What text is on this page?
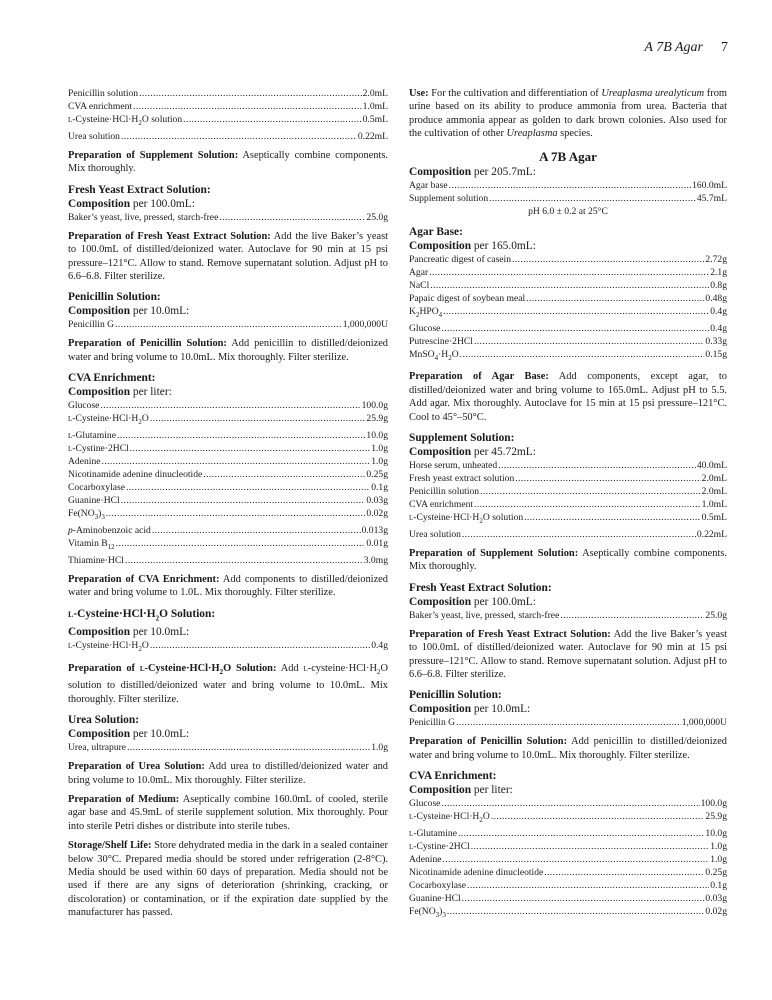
A 7B Agar 7
Penicillin solution .....	2.0mL
CVA enrichment .....	1.0mL
$l-Cysteine\cdot HCl\cdot H_2O$ solution .....	0.5mL
Urea solution .....	0.22mL
Preparation of Supplement Solution: Aseptically combine components. Mix thoroughly.
Fresh Yeast Extract Solution:
Composition per 100.0mL:
Baker’s yeast, live, pressed, starch-free .....	25.0g
Preparation of Fresh Yeast Extract Solution: Add the live Baker’s yeast to 100.0mL of distilled/deionized water. Autoclave for 90 min at 15 psi pressure–121°C. Allow to stand. Remove supernatant solution. Adjust pH to 6.6–6.8. Filter sterilize.
Penicillin Solution:
Composition per 10.0mL:
Penicillin G .....	1,000,000U
Preparation of Penicillin Solution: Add penicillin to distilled/deionized water and bring volume to 10.0mL. Mix thoroughly. Filter sterilize.
CVA Enrichment:
Composition per liter:
Glucose .....	100.0g
$l-Cysteine\cdot HCl\cdot H_2O$ .....	25.9g
l-Glutamine .....	10.0g
l-Cystine·2HCl .....	1.0g
Adenine .....	1.0g
Nicotinamide adenine dinucleotide .....	0.25g
Cocarboxylase .....	0.1g
Guanine·HCl .....	0.03g
$Fe(NO_3)_3$ .....	0.02g
p-Aminobenzoic acid .....	0.013g
Vitamin $B_{12}$ .....	0.01g
Thiamine·HCl .....	3.0mg
Preparation of CVA Enrichment: Add components to distilled/deionized water and bring volume to 1.0L. Mix thoroughly. Filter sterilize.
$l-Cysteine\cdot HCl\cdot H_2O$ Solution:
Composition per 10.0mL:
$l-Cysteine\cdot HCl\cdot H_2O$ .....	0.4g
Preparation of $l-Cysteine\cdot HCl\cdot H_2O$ Solution: Add $l-cysteine\cdot HCl\cdot H_2O$ solution to distilled/deionized water and bring volume to 10.0mL. Mix thoroughly. Filter sterilize.
Urea Solution:
Composition per 10.0mL:
Urea, ultrapure .....	1.0g
Preparation of Urea Solution: Add urea to distilled/deionized water and bring volume to 10.0mL. Mix thoroughly. Filter sterilize.
Preparation of Medium: Aseptically combine 160.0mL of cooled, sterile agar base and 45.9mL of sterile supplement solution. Mix thoroughly. Pour into sterile Petri dishes or distribute into sterile tubes.
Storage/Shelf Life: Store dehydrated media in the dark in a sealed container below 30°C. Prepared media should be stored under refrigeration (2-8°C). Media should be used within 60 days of preparation. Media should not be used if there are any signs of deterioration (shrinking, cracking, or discoloration) or contamination, or if the expiration date supplied by the manufacturer has passed.
Use: For the cultivation and differentiation of Ureaplasma urealyticum from urine based on its ability to produce ammonia from urea. Bacteria that produce ammonia appear as golden to dark brown colonies. Also used for the cultivation of other Ureaplasma species.
A 7B Agar
Composition per 205.7mL:
Agar base .....	160.0mL
Supplement solution .....	45.7mL
pH 6.0 ± 0.2 at 25°C
Agar Base:
Composition per 165.0mL:
Pancreatic digest of casein .....	2.72g
Agar .....	2.1g
NaCl .....	0.8g
Papaic digest of soybean meal .....	0.48g
$K_2HPO_4$ .....	0.4g
Glucose .....	0.4g
Putrescine·2HCl .....	0.33g
$MnSO_4\cdot H_2O$ .....	0.15g
Preparation of Agar Base: Add components, except agar, to distilled/deionized water and bring volume to 165.0mL. Adjust pH to 5.5. Add agar. Mix thoroughly. Autoclave for 15 min at 15 psi pressure–121°C. Cool to 45°–50°C.
Supplement Solution:
Composition per 45.72mL:
Horse serum, unheated .....	40.0mL
Fresh yeast extract solution .....	2.0mL
Penicillin solution .....	2.0mL
CVA enrichment .....	1.0mL
$l-Cysteine\cdot HCl\cdot H_2O$ solution .....	0.5mL
Urea solution .....	0.22mL
Preparation of Supplement Solution: Aseptically combine components. Mix thoroughly.
Fresh Yeast Extract Solution:
Composition per 100.0mL:
Baker’s yeast, live, pressed, starch-free .....	25.0g
Preparation of Fresh Yeast Extract Solution: Add the live Baker’s yeast to 100.0mL of distilled/deionized water. Autoclave for 90 min at 15 psi pressure–121°C. Allow to stand. Remove supernatant solution. Adjust pH to 6.6–6.8. Filter sterilize.
Penicillin Solution:
Composition per 10.0mL:
Penicillin G .....	1,000,000U
Preparation of Penicillin Solution: Add penicillin to distilled/deionized water and bring volume to 10.0mL. Mix thoroughly. Filter sterilize.
CVA Enrichment:
Composition per liter:
Glucose .....	100.0g
$l-Cysteine\cdot HCl\cdot H_2O$ .....	25.9g
l-Glutamine .....	10.0g
l-Cystine·2HCl .....	1.0g
Adenine .....	1.0g
Nicotinamide adenine dinucleotide .....	0.25g
Cocarboxylase .....	0.1g
Guanine·HCl .....	0.03g
$Fe(NO_3)_3$ .....	0.02g
